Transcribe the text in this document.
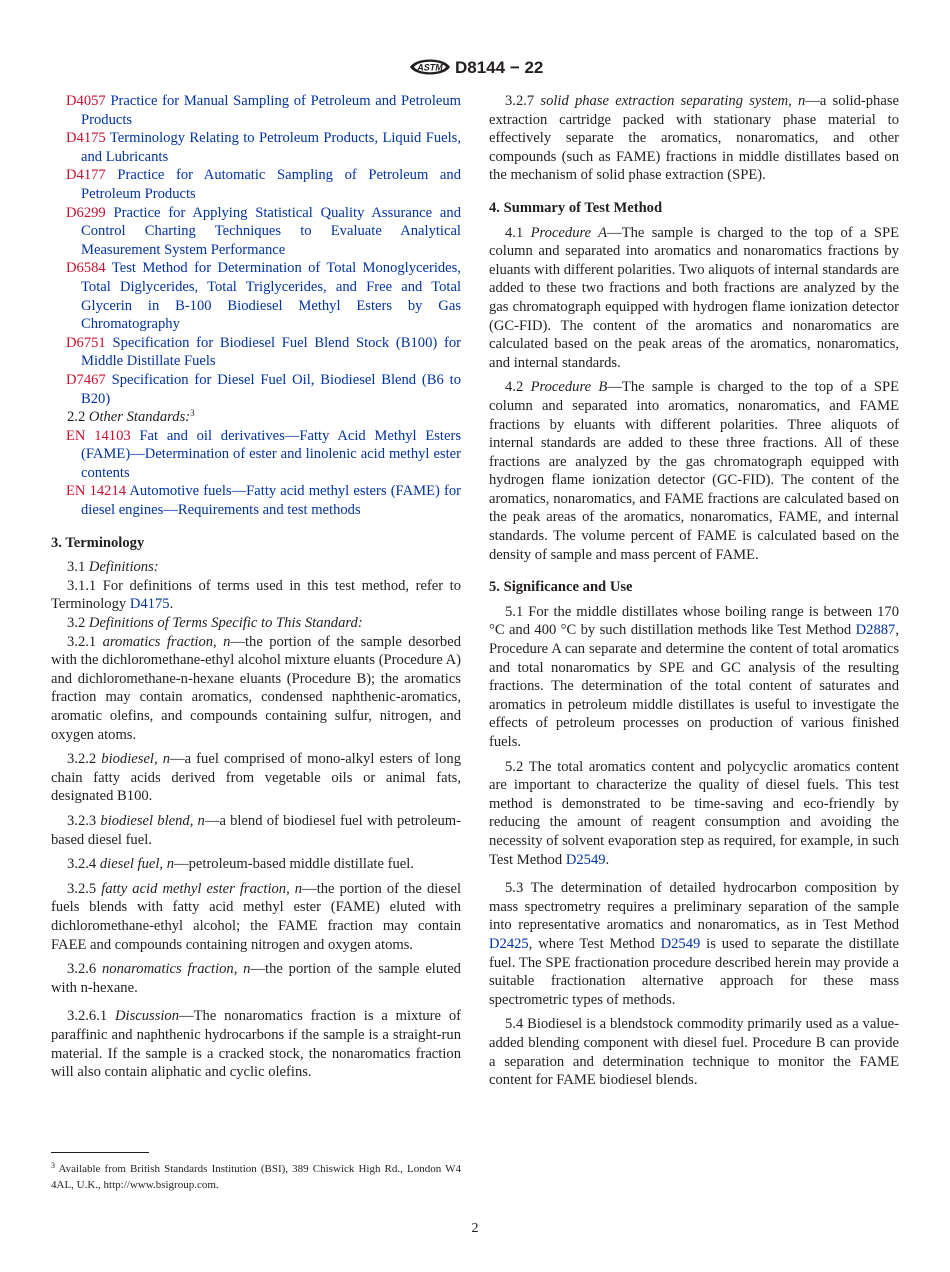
ASTM D8144 − 22

D4057 Practice for Manual Sampling of Petroleum and Petroleum Products

D4175 Terminology Relating to Petroleum Products, Liquid Fuels, and Lubricants

D4177 Practice for Automatic Sampling of Petroleum and Petroleum Products

D6299 Practice for Applying Statistical Quality Assurance and Control Charting Techniques to Evaluate Analytical Measurement System Performance

D6584 Test Method for Determination of Total Monoglycerides, Total Diglycerides, Total Triglycerides, and Free and Total Glycerin in B-100 Biodiesel Methyl Esters by Gas Chromatography

D6751 Specification for Biodiesel Fuel Blend Stock (B100) for Middle Distillate Fuels

D7467 Specification for Diesel Fuel Oil, Biodiesel Blend (B6 to B20)

2.2 Other Standards:$^3$

EN 14103 Fat and oil derivatives—Fatty Acid Methyl Esters (FAME)—Determination of ester and linolenic acid methyl ester contents

EN 14214 Automotive fuels—Fatty acid methyl esters (FAME) for diesel engines—Requirements and test methods

3. Terminology

3.1 Definitions:

3.1.1 For definitions of terms used in this test method, refer to Terminology D4175.

3.2 Definitions of Terms Specific to This Standard:

3.2.1 aromatics fraction, n—the portion of the sample desorbed with the dichloromethane-ethyl alcohol mixture eluants (Procedure A) and dichloromethane-n-hexane eluants (Procedure B); the aromatics fraction may contain aromatics, condensed naphthenic-aromatics, aromatic olefins, and compounds containing sulfur, nitrogen, and oxygen atoms.

3.2.2 biodiesel, n—a fuel comprised of mono-alkyl esters of long chain fatty acids derived from vegetable oils or animal fats, designated B100.

3.2.3 biodiesel blend, n—a blend of biodiesel fuel with petroleum-based diesel fuel.

3.2.4 diesel fuel, n—petroleum-based middle distillate fuel.

3.2.5 fatty acid methyl ester fraction, n—the portion of the diesel fuels blends with fatty acid methyl ester (FAME) eluted with dichloromethane-ethyl alcohol; the FAME fraction may contain FAEE and compounds containing nitrogen and oxygen atoms.

3.2.6 nonaromatics fraction, n—the portion of the sample eluted with n-hexane.

3.2.6.1 Discussion—The nonaromatics fraction is a mixture of paraffinic and naphthenic hydrocarbons if the sample is a straight-run material. If the sample is a cracked stock, the nonaromatics fraction will also contain aliphatic and cyclic olefins.

3.2.7 solid phase extraction separating system, n—a solid-phase extraction cartridge packed with stationary phase material to effectively separate the aromatics, nonaromatics, and other compounds (such as FAME) fractions in middle distillates based on the mechanism of solid phase extraction (SPE).

4. Summary of Test Method

4.1 Procedure A—The sample is charged to the top of a SPE column and separated into aromatics and nonaromatics fractions by eluants with different polarities. Two aliquots of internal standards are added to these two fractions and both fractions are analyzed by the gas chromatograph equipped with hydrogen flame ionization detector (GC-FID). The content of the aromatics and nonaromatics are calculated based on the peak areas of the aromatics, nonaromatics, and internal standards.

4.2 Procedure B—The sample is charged to the top of a SPE column and separated into aromatics, nonaromatics, and FAME fractions by eluants with different polarities. Three aliquots of internal standards are added to these three fractions. All of these fractions are analyzed by the gas chromatograph equipped with hydrogen flame ionization detector (GC-FID). The content of the aromatics, nonaromatics, and FAME fractions are calculated based on the peak areas of the aromatics, nonaromatics, FAME, and internal standards. The volume percent of FAME is calculated based on the density of sample and mass percent of FAME.

5. Significance and Use

5.1 For the middle distillates whose boiling range is between 170 °C and 400 °C by such distillation methods like Test Method D2887, Procedure A can separate and determine the content of total aromatics and total nonaromatics by SPE and GC analysis of the resulting fractions. The determination of the total content of saturates and aromatics in petroleum middle distillates is useful to investigate the effects of petroleum processes on production of various finished fuels.

5.2 The total aromatics content and polycyclic aromatics content are important to characterize the quality of diesel fuels. This test method is demonstrated to be time-saving and eco-friendly by reducing the amount of reagent consumption and avoiding the necessity of solvent evaporation step as required, for example, in such Test Method D2549.

5.3 The determination of detailed hydrocarbon composition by mass spectrometry requires a preliminary separation of the sample into representative aromatics and nonaromatics, as in Test Method D2425, where Test Method D2549 is used to separate the distillate fuel. The SPE fractionation procedure described herein may provide a suitable fractionation alternative approach for these mass spectrometric types of methods.

5.4 Biodiesel is a blendstock commodity primarily used as a value-added blending component with diesel fuel. Procedure B can provide a separation and determination technique to monitor the FAME content for FAME biodiesel blends.

$^3$ Available from British Standards Institution (BSI), 389 Chiswick High Rd., London W4 4AL, U.K., http://www.bsigroup.com.
2
